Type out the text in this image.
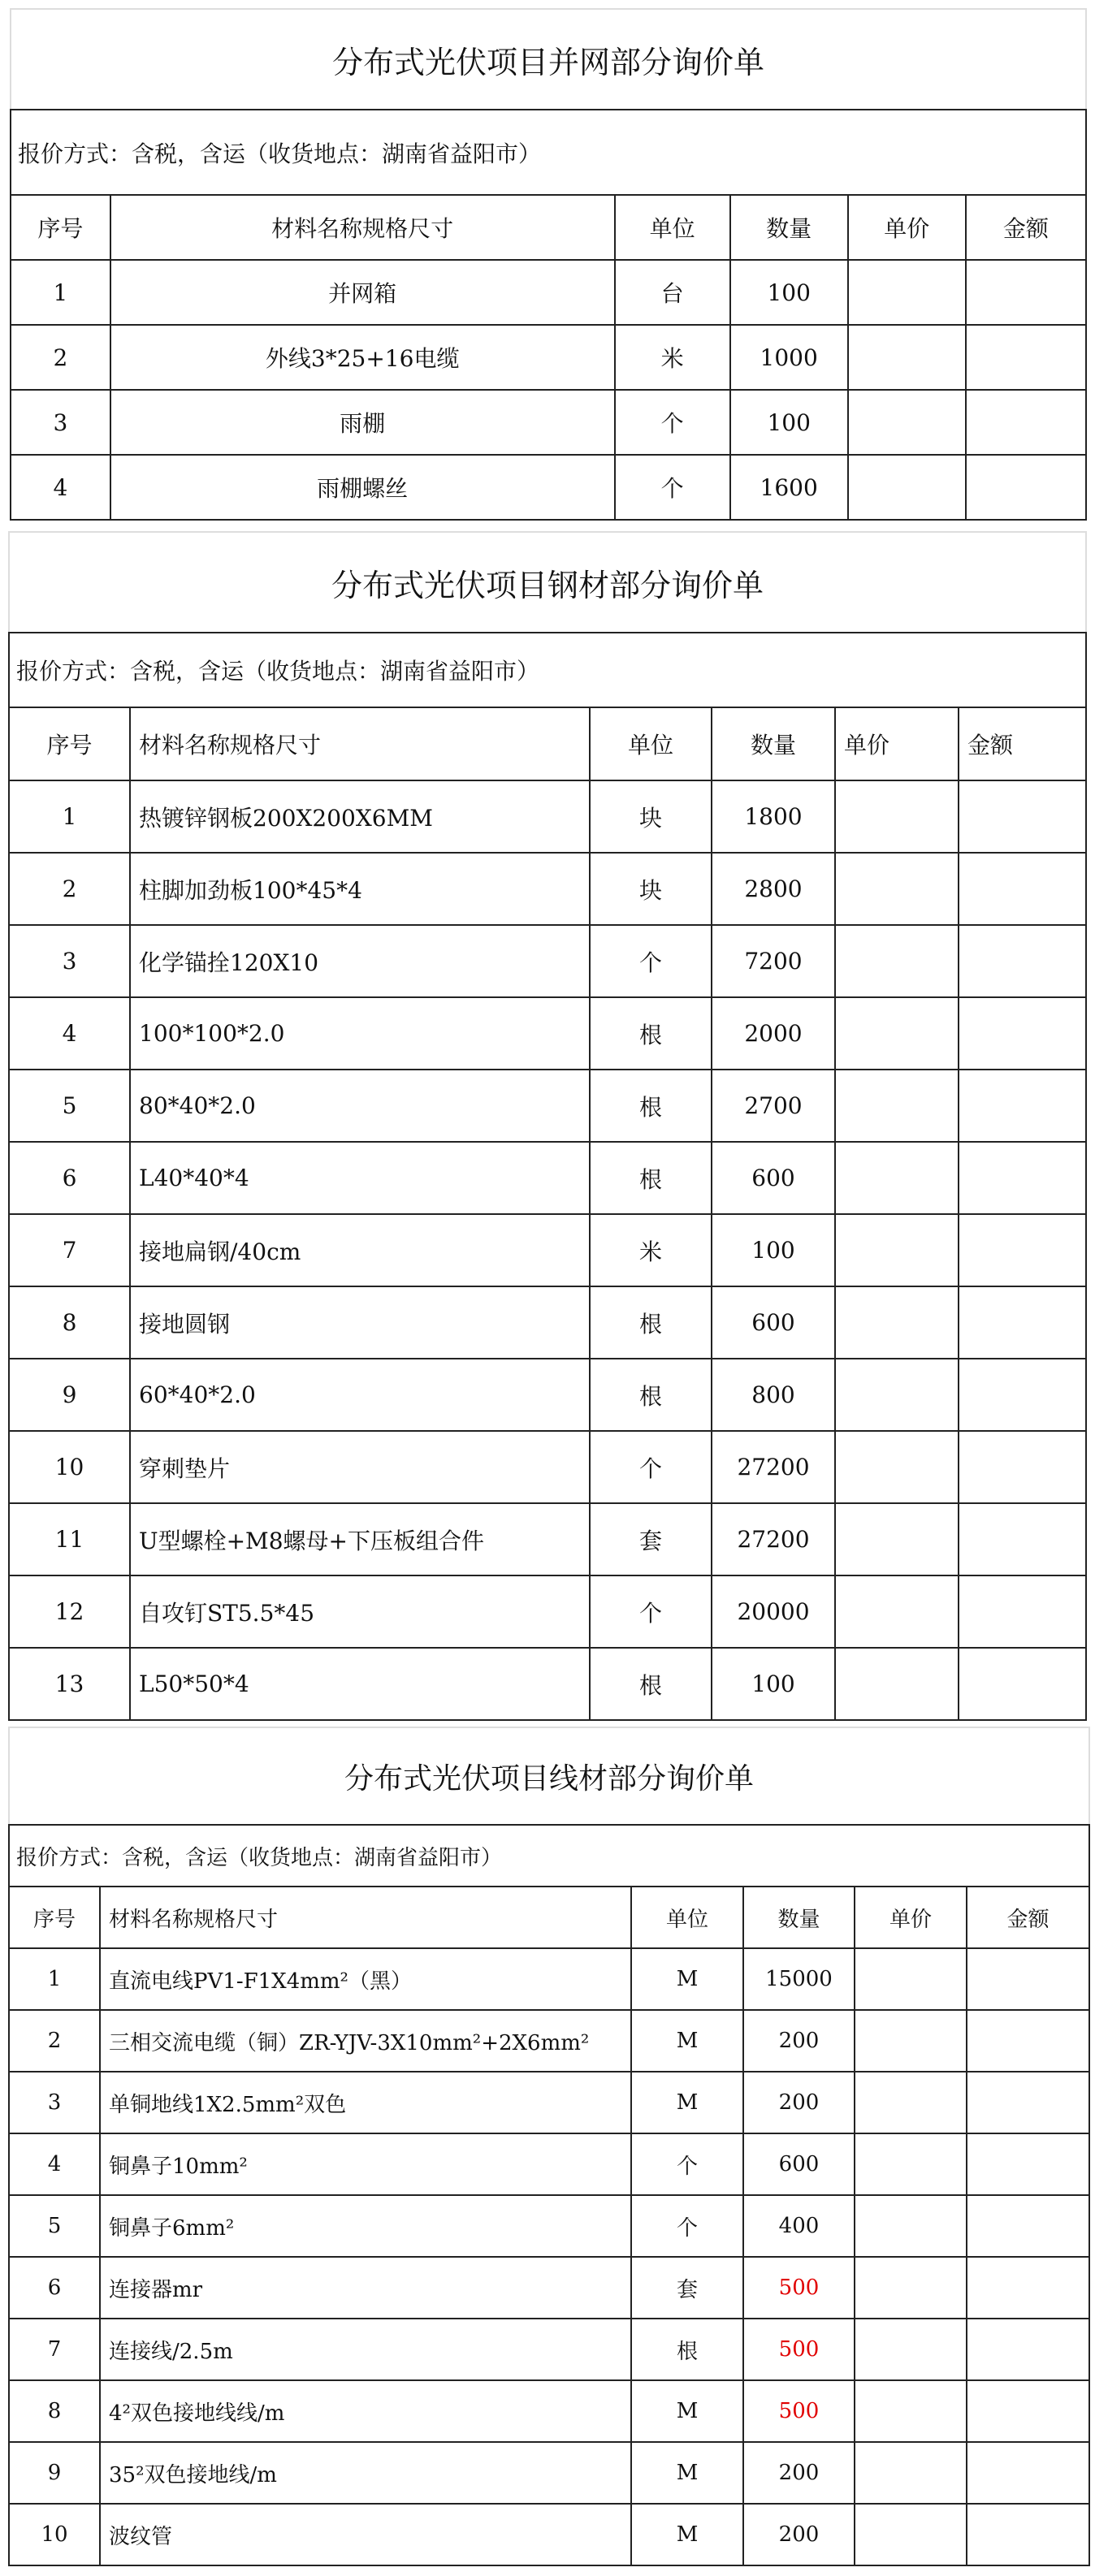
分布式光伏项目并网部分询价单					
报价方式：含税，含运（收货地点：湖南省益阳市）					
序号	材料名称规格尺寸	单位	数量	单价	金额
1	并网箱	台	100		
2	外线3*25+16电缆	米	1000		
3	雨棚	个	100		
4	雨棚螺丝	个	1600		
分布式光伏项目钢材部分询价单					
报价方式：含税，含运（收货地点：湖南省益阳市）					
序号	材料名称规格尺寸	单位	数量	单价	金额
1	热镀锌钢板200X200X6MM	块	1800		
2	柱脚加劲板100*45*4	块	2800		
3	化学锚拴120X10	个	7200		
4	100*100*2.0	根	2000		
5	80*40*2.0	根	2700		
6	L40*40*4	根	600		
7	接地扁钢/40cm	米	100		
8	接地圆钢	根	600		
9	60*40*2.0	根	800		
10	穿刺垫片	个	27200		
11	U型螺栓+M8螺母+下压板组合件	套	27200		
12	自攻钉ST5.5*45	个	20000		
13	L50*50*4	根	100		
分布式光伏项目线材部分询价单					
报价方式：含税，含运（收货地点：湖南省益阳市）					
序号	材料名称规格尺寸	单位	数量	单价	金额
1	直流电线PV1-F1X4mm²（黑）	M	15000		
2	三相交流电缆（铜）ZR-YJV-3X10mm²+2X6mm²	M	200		
3	单铜地线1X2.5mm²双色	M	200		
4	铜鼻子10mm²	个	600		
5	铜鼻子6mm²	个	400		
6	连接器mr	套	500		
7	连接线/2.5m	根	500		
8	4²双色接地线线/m	M	500		
9	35²双色接地线/m	M	200		
10	波纹管	M	200		
